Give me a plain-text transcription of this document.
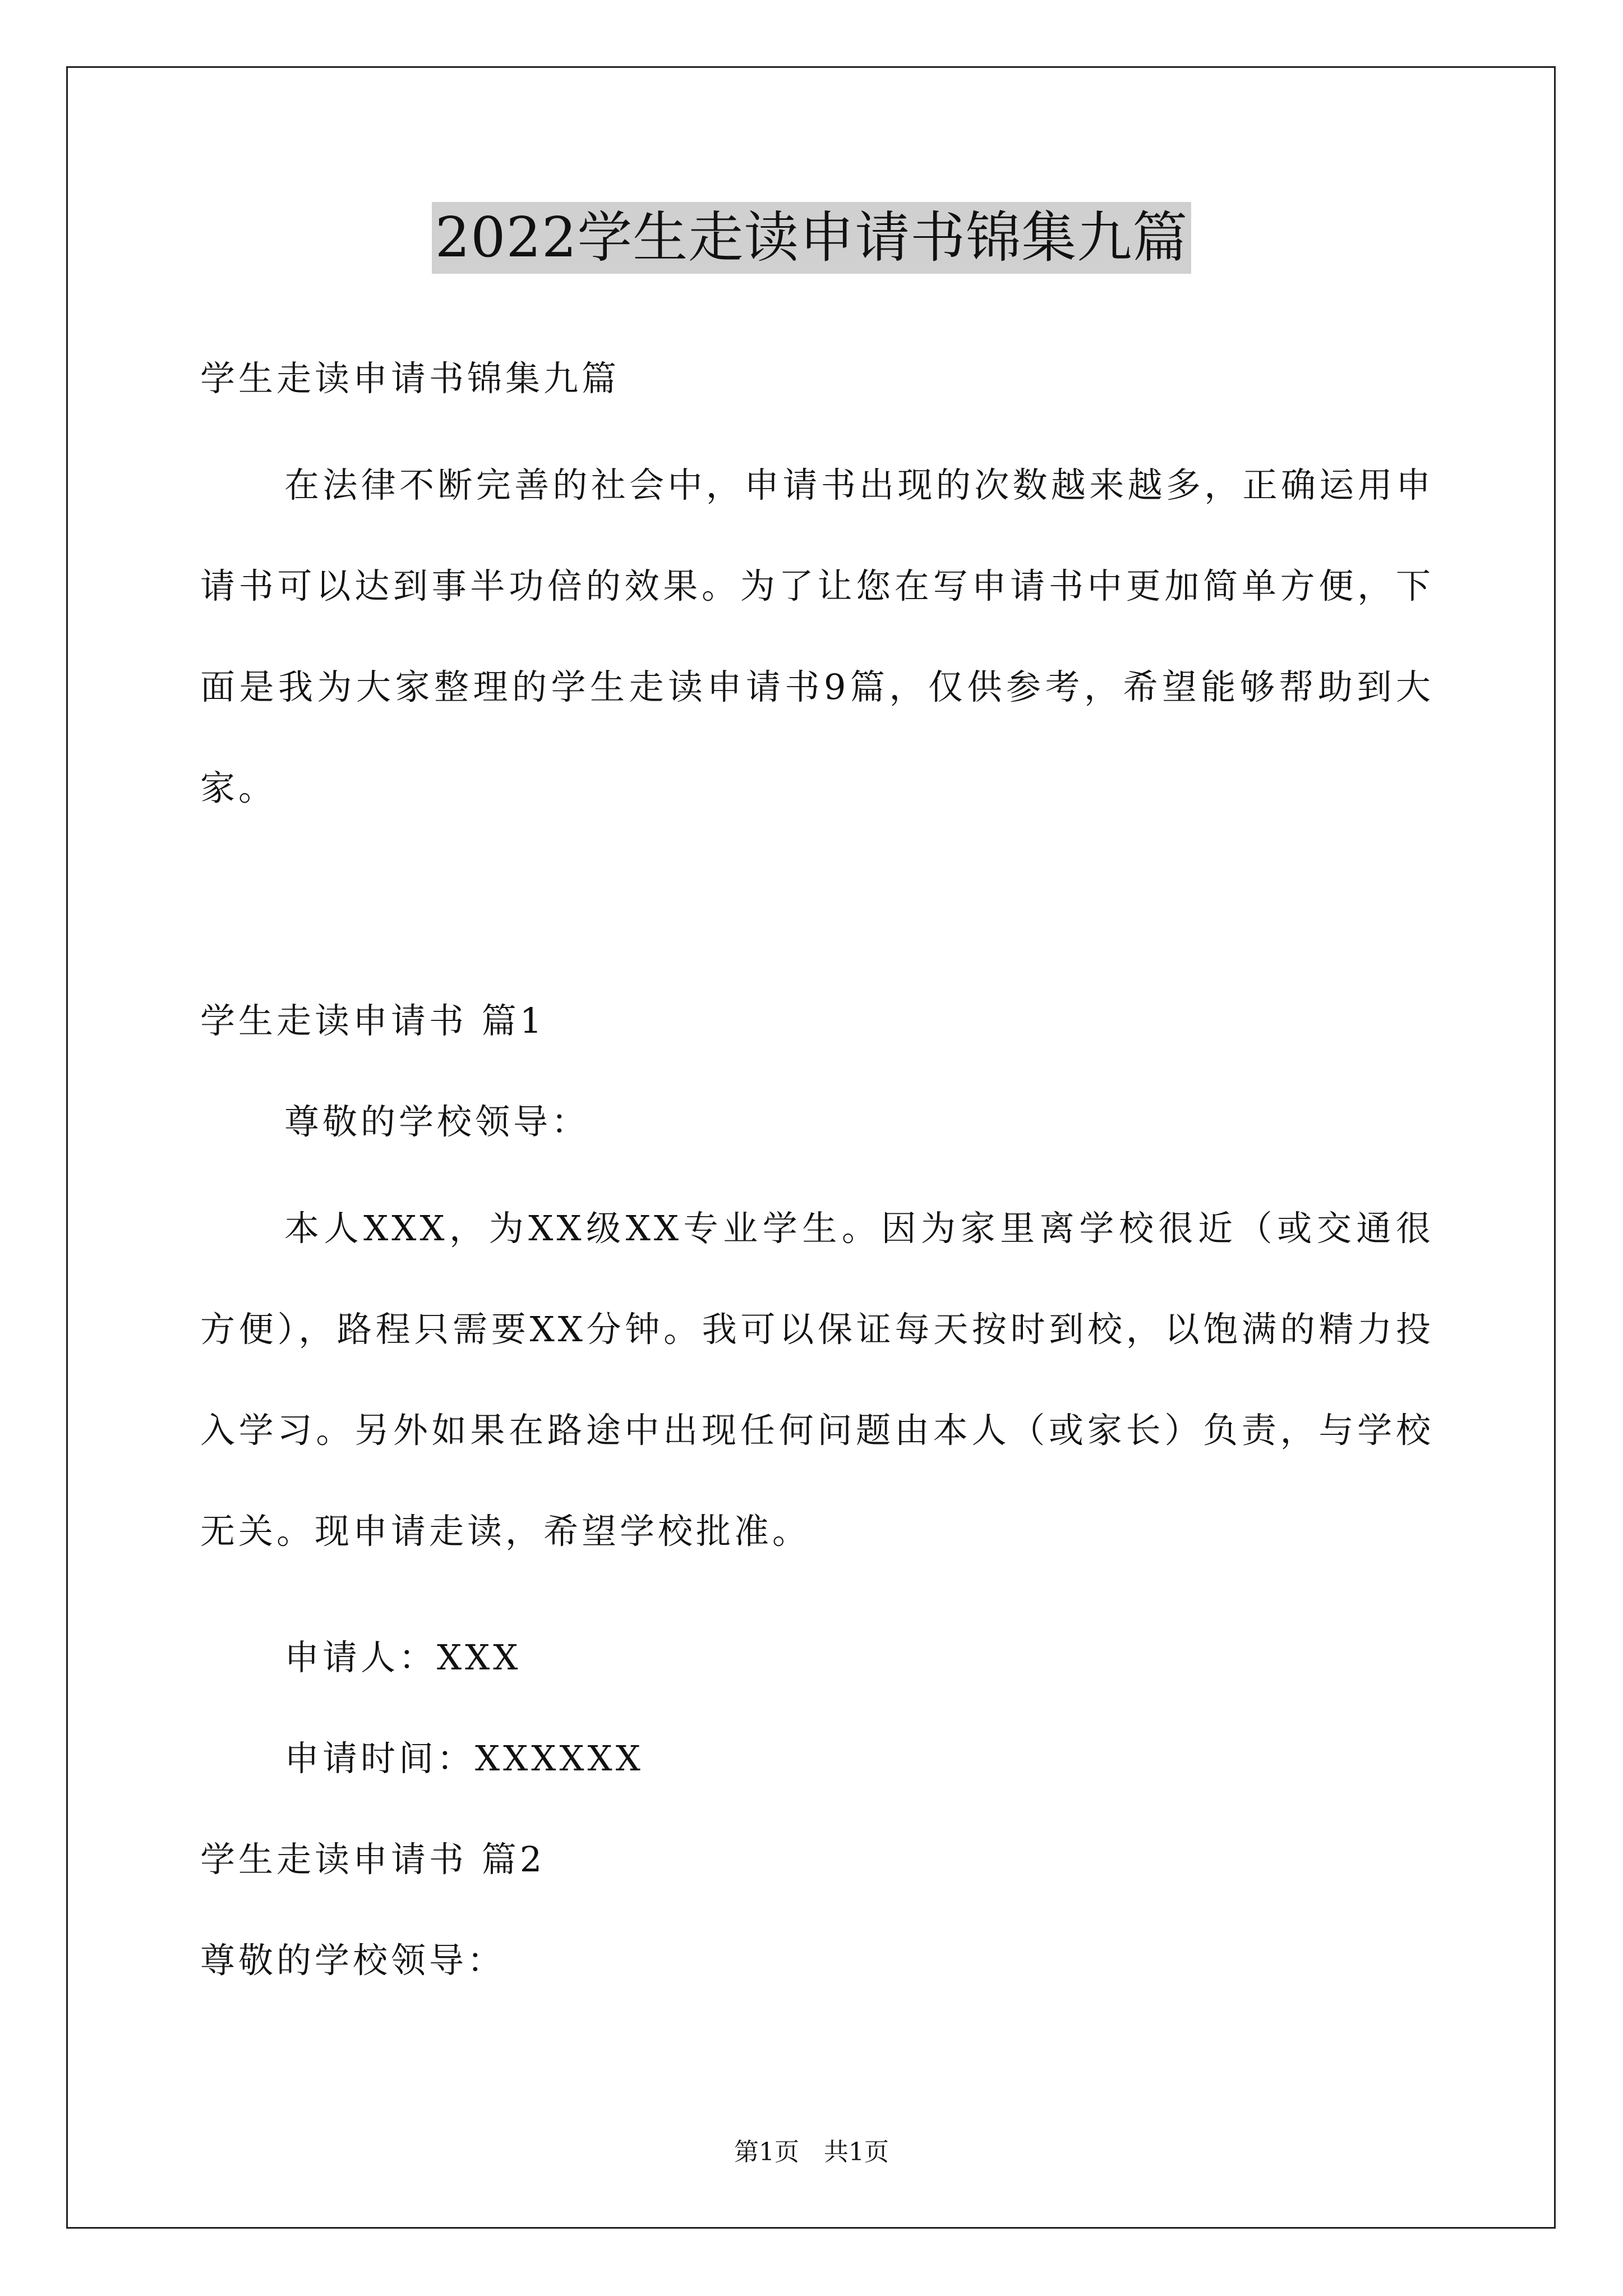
2022学生走读申请书锦集九篇

学生走读申请书锦集九篇

在法律不断完善的社会中，申请书出现的次数越来越多，正确运用申请书可以达到事半功倍的效果。为了让您在写申请书中更加简单方便，下面是我为大家整理的学生走读申请书9篇，仅供参考，希望能够帮助到大家。

学生走读申请书 篇1

尊敬的学校领导：

本人XXX，为XX级XX专业学生。因为家里离学校很近（或交通很方便），路程只需要XX分钟。我可以保证每天按时到校，以饱满的精力投入学习。另外如果在路途中出现任何问题由本人（或家长）负责，与学校无关。现申请走读，希望学校批准。

申请人：XXX

申请时间：XXXXXX

学生走读申请书 篇2

尊敬的学校领导：

第1页　共1页
